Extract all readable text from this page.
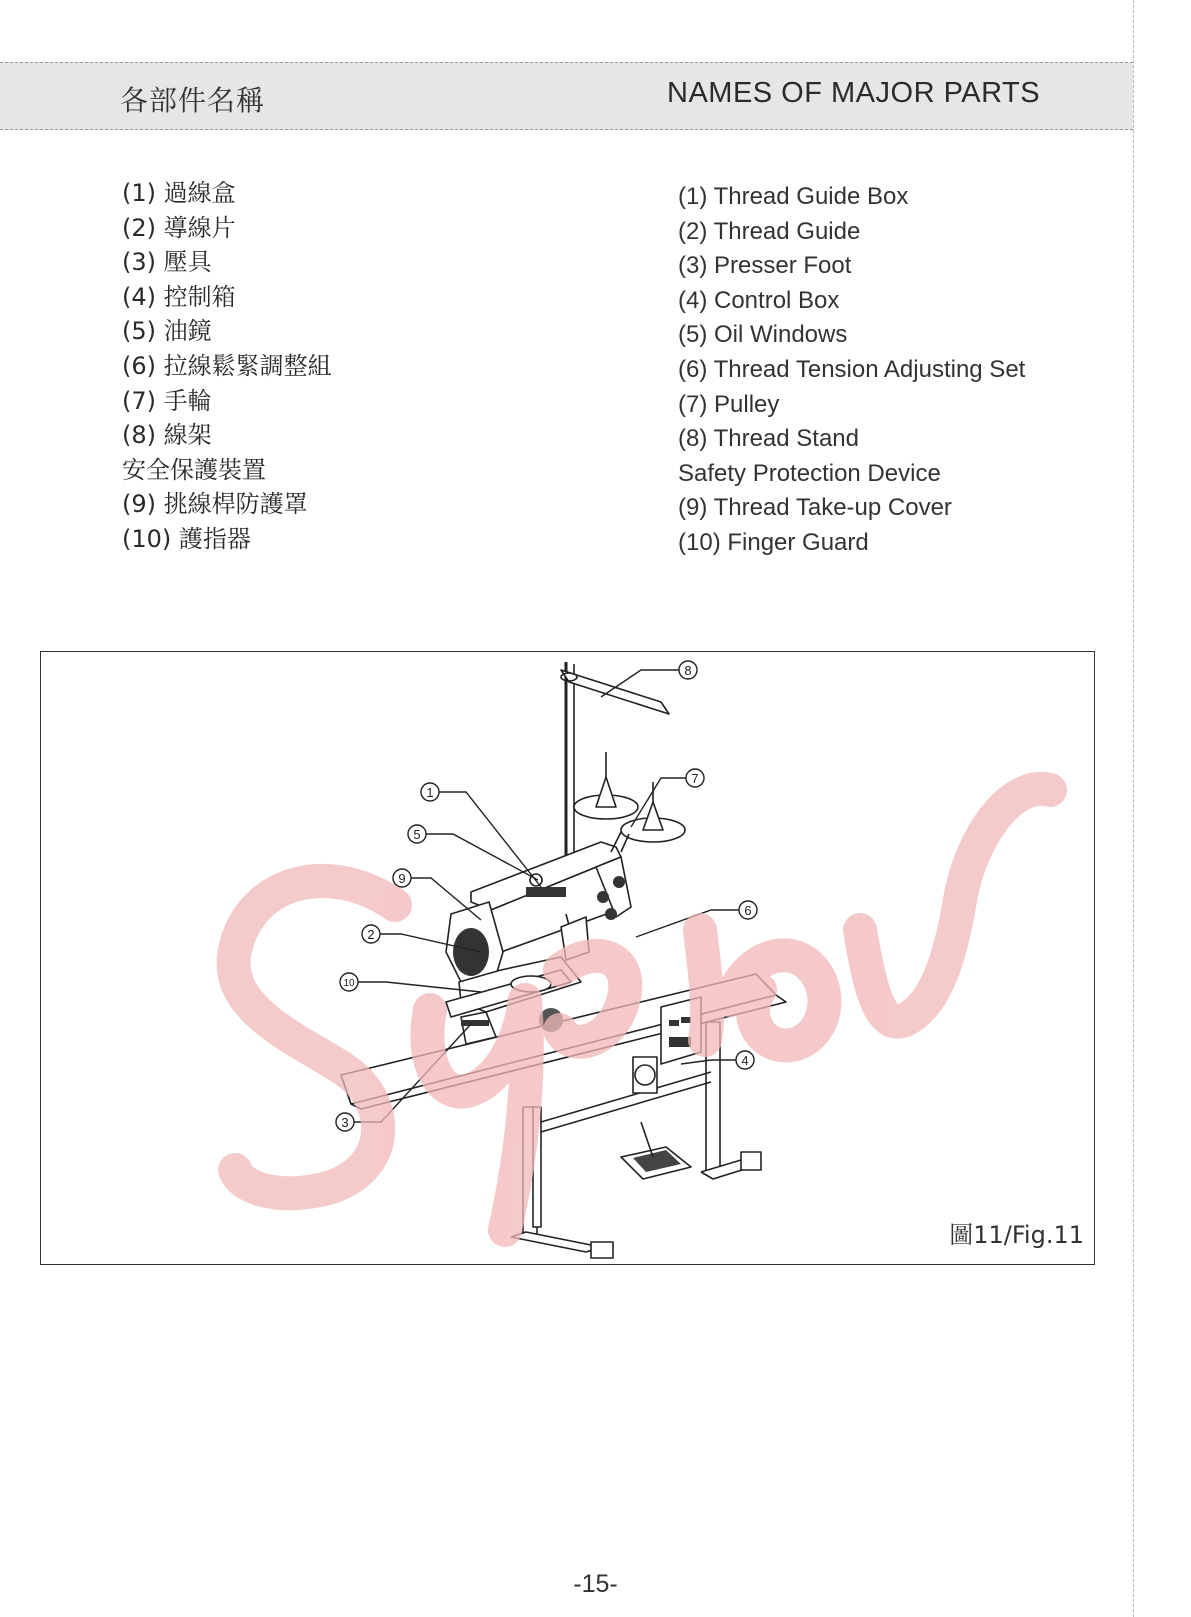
各部件名稱	NAMES OF MAJOR PARTS
(1) 過線盒
(2) 導線片
(3) 壓具
(4) 控制箱
(5) 油鏡
(6) 拉線鬆緊調整組
(7) 手輪
(8) 線架
安全保護裝置
(9) 挑線桿防護罩
(10) 護指器
(1) Thread Guide Box
(2) Thread Guide
(3) Presser Foot
(4) Control Box
(5) Oil Windows
(6) Thread Tension Adjusting Set
(7) Pulley
(8) Thread Stand
Safety Protection Device
(9) Thread Take-up Cover
(10) Finger Guard
1
5
9
2
10
3
4
6
7
8
圖11/Fig.11
-15-
